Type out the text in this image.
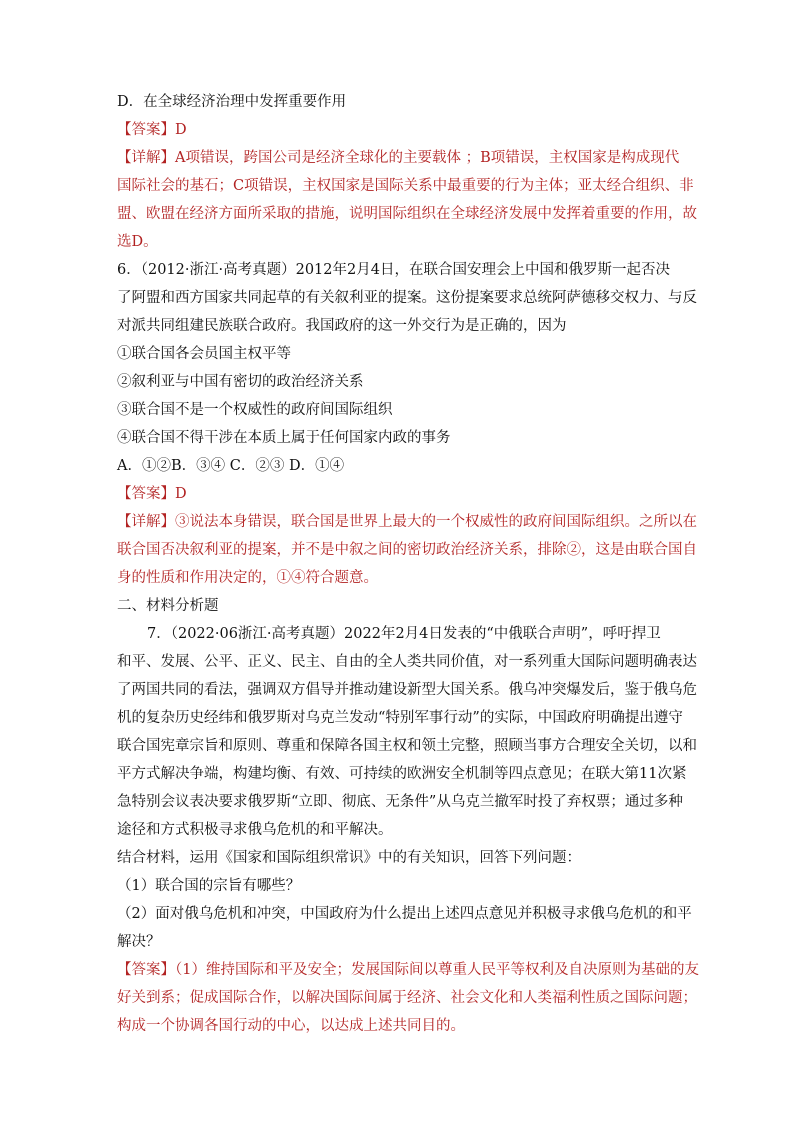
D．在全球经济治理中发挥重要作用
【答案】D
【详解】A项错误，跨国公司是经济全球化的主要载体 ；B项错误，主权国家是构成现代
国际社会的基石；C项错误，主权国家是国际关系中最重要的行为主体；亚太经合组织、非
盟、欧盟在经济方面所采取的措施，说明国际组织在全球经济发展中发挥着重要的作用，故
选D。
6．（2012·浙江·高考真题）2012年2月4日，在联合国安理会上中国和俄罗斯一起否决
了阿盟和西方国家共同起草的有关叙利亚的提案。这份提案要求总统阿萨德移交权力、与反
对派共同组建民族联合政府。我国政府的这一外交行为是正确的，因为
①联合国各会员国主权平等
②叙利亚与中国有密切的政治经济关系
③联合国不是一个权威性的政府间国际组织
④联合国不得干涉在本质上属于任何国家内政的事务
A．①②B．③④ C．②③ D．①④
【答案】D
【详解】③说法本身错误，联合国是世界上最大的一个权威性的政府间国际组织。之所以在
联合国否决叙利亚的提案，并不是中叙之间的密切政治经济关系，排除②，这是由联合国自
身的性质和作用决定的，①④符合题意。
二、材料分析题
7．（2022·06浙江·高考真题）2022年2月4日发表的“中俄联合声明”，呼吁捍卫
和平、发展、公平、正义、民主、自由的全人类共同价值，对一系列重大国际问题明确表达
了两国共同的看法，强调双方倡导并推动建设新型大国关系。俄乌冲突爆发后，鉴于俄乌危
机的复杂历史经纬和俄罗斯对乌克兰发动“特别军事行动”的实际，中国政府明确提出遵守
联合国宪章宗旨和原则、尊重和保障各国主权和领土完整，照顾当事方合理安全关切，以和
平方式解决争端，构建均衡、有效、可持续的欧洲安全机制等四点意见；在联大第11次紧
急特别会议表决要求俄罗斯“立即、彻底、无条件”从乌克兰撤军时投了弃权票；通过多种
途径和方式积极寻求俄乌危机的和平解决。
结合材料，运用《国家和国际组织常识》中的有关知识，回答下列问题：
（1）联合国的宗旨有哪些？
（2）面对俄乌危机和冲突，中国政府为什么提出上述四点意见并积极寻求俄乌危机的和平
解决？
【答案】（1）维持国际和平及安全；发展国际间以尊重人民平等权利及自决原则为基础的友
好关到系；促成国际合作，以解决国际间属于经济、社会文化和人类福利性质之国际问题；
构成一个协调各国行动的中心，以达成上述共同目的。
